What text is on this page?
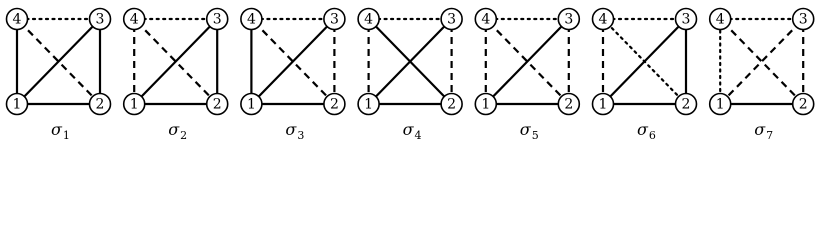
1	2
3
4
$\sigma_1$
1	2
3
4
$\sigma_2$
1	2
3
4
$\sigma_3$
1	2
3
4
$\sigma_4$
1	2
3
4
$\sigma_5$
1	2
3
4
$\sigma_6$
1	2
3
4
$\sigma_7$
